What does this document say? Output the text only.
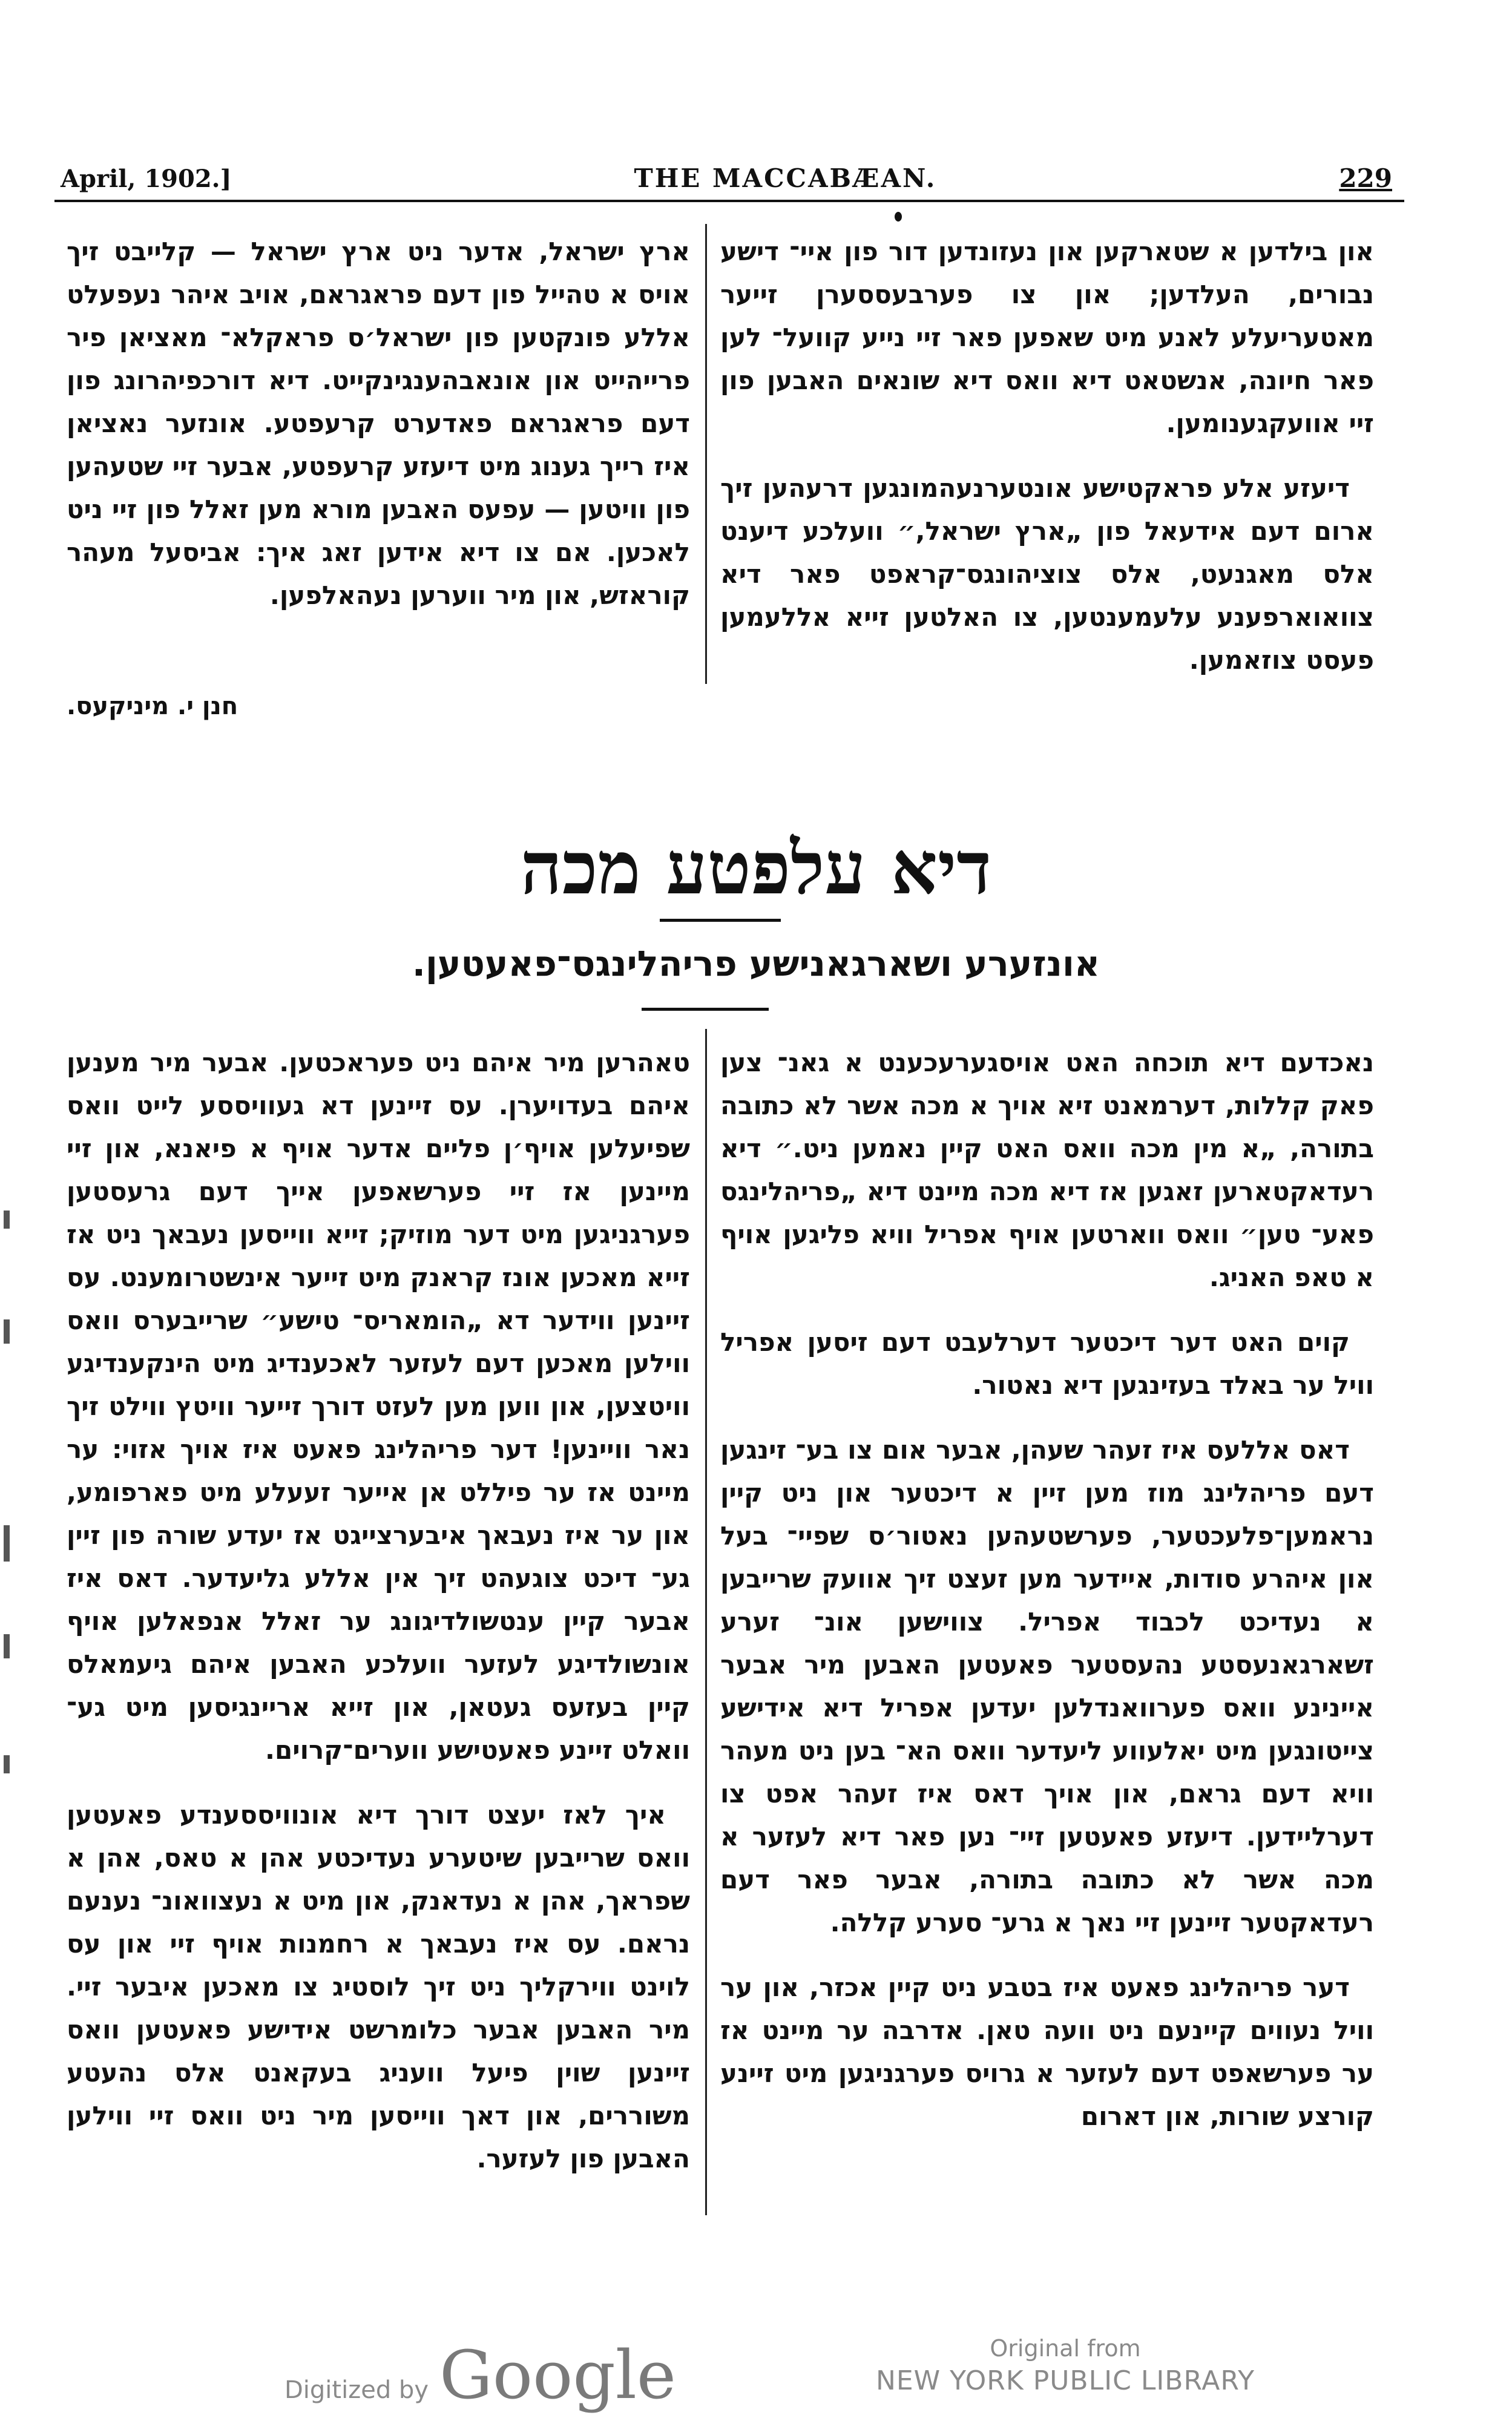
April, 1902.]	THE MACCABÆAN.	229

און בילדען א שטארקען און נעזונדען דור פון איי־ דישע נבורים, העלדען; און צו פערבעססערן זייער מאטעריעלע לאנע מיט שאפען פאר זיי נייע קוועל־ לען פאר חיונה, אנשטאט דיא וואס דיא שונאים האבען פון זיי אוועקגענומען.

דיעזע אלע פראקטישע אונטערנעהמונגען דרעהען זיך ארום דעם אידעאל פון „ארץ ישראל,״ וועלכע דיענט אלס מאגנעט, אלס צוציהונגס־קראפט פאר דיא צוואוארפענע עלעמענטען, צו האלטען זייא אללעמען פעסט צוזאמען.

ארץ ישראל, אדער ניט ארץ ישראל — קלייבט זיך אויס א טהייל פון דעם פראגראם, אויב איהר נעפעלט אללע פונקטען פון ישראל׳ס פראקלא־ מאציאן פיר פרייהייט און אונאבהענגינקייט. דיא דורכפיהרונג פון דעם פראגראם פאדערט קרעפטע. אונזער נאציאן איז רייך גענוג מיט דיעזע קרעפטע, אבער זיי שטעהען פון וויטען — עפעס האבען מורא מען זאלל פון זיי ניט לאכען. אם צו דיא אידען זאג איך: אביסעל מעהר קוראזש, און מיר ווערען נעהאלפען.

חנן י. מיניקעס.
דיא עלפטע מכה
אונזערע ושארגאנישע פריהלינגס־פאעטען.

נאכדעם דיא תוכחה האט אויסגערעכענט א גאנ־ צען פאק קללות, דערמאנט זיא אויך א מכה אשר לא כתובה בתורה, „א מין מכה וואס האט קיין נאמען ניט.״ דיא רעדאקטארען זאגען אז דיא מכה מיינט דיא „פריהלינגס פאע־ טען״ וואס ווארטען אויף אפריל וויא פליגען אויף א טאפ האניג.

קוים האט דער דיכטער דערלעבט דעם זיסען אפריל וויל ער באלד בעזינגען דיא נאטור.

דאס אללעס איז זעהר שעהן, אבער אום צו בע־ זינגען דעם פריהלינג מוז מען זיין א דיכטער און ניט קיין נראמען־פלעכטער, פערשטעהען נאטור׳ס שפיי־ בעל און איהרע סודות, איידער מען זעצט זיך אוועק שרייבען א נעדיכט לכבוד אפריל. צווישען אונ־ זערע זשארגאנעסטע נהעסטער פאעטען האבען מיר אבער איינינע וואס פערוואנדלען יעדען אפריל דיא אידישע צייטונגען מיט יאלעווע ליעדער וואס הא־ בען ניט מעהר וויא דעם גראם, און אויך דאס איז זעהר אפט צו דערליידען. דיעזע פאעטען זיי־ נען פאר דיא לעזער א מכה אשר לא כתובה בתורה, אבער פאר דעם רעדאקטער זיינען זיי נאך א גרע־ סערע קללה.

דער פריהלינג פאעט איז בטבע ניט קיין אכזר, און ער וויל נעווים קיינעם ניט וועה טאן. אדרבה ער מיינט אז ער פערשאפט דעם לעזער א גרויס פערגניגען מיט זיינע קורצע שורות, און דארום

טאהרען מיר איהם ניט פעראכטען. אבער מיר מענען איהם בעדויערן. עס זיינען דא געוויססע לייט וואס שפיעלען אויף׳ן פליים אדער אויף א פיאנא, און זיי מיינען אז זיי פערשאפען אייך דעם גרעסטען פערגניגען מיט דער מוזיק; זייא ווייסען נעבאך ניט אז זייא מאכען אונז קראנק מיט זייער אינשטרומענט. עס זיינען ווידער דא „הומאריס־ טישע״ שרייבערס וואס ווילען מאכען דעם לעזער לאכענדיג מיט הינקענדיגע וויטצען, און ווען מען לעזט דורך זייער וויטץ ווילט זיך נאר וויינען! דער פריהלינג פאעט איז אויך אזוי: ער מיינט אז ער פיללט אן אייער זעעלע מיט פארפומע, און ער איז נעבאך איבערצייגט אז יעדע שורה פון זיין גע־ דיכט צוגעהט זיך אין אללע גליעדער. דאס איז אבער קיין ענטשולדיגונג ער זאלל אנפאלען אויף אונשולדיגע לעזער וועלכע האבען איהם גיעמאלס קיין בעזעס געטאן, און זייא אריינגיסען מיט גע־ וואלט זיינע פאעטישע ווערים־קרוים.

איך לאז יעצט דורך דיא אונוויססענדע פאעטען וואס שרייבען שיטערע נעדיכטע אהן א טאס, אהן א שפראך, אהן א נעדאנק, און מיט א נעצוואונ־ נענעם נראם. עס איז נעבאך א רחמנות אויף זיי און עס לוינט ווירקליך ניט זיך לוסטיג צו מאכען איבער זיי. מיר האבען אבער כלומרשט אידישע פאעטען וואס זיינען שוין פיעל וועניג בעקאנט אלס נהעטע משוררים, און דאך ווייסען מיר ניט וואס זיי ווילען האבען פון לעזער.

Digitized by Google	Original from
NEW YORK PUBLIC LIBRARY
